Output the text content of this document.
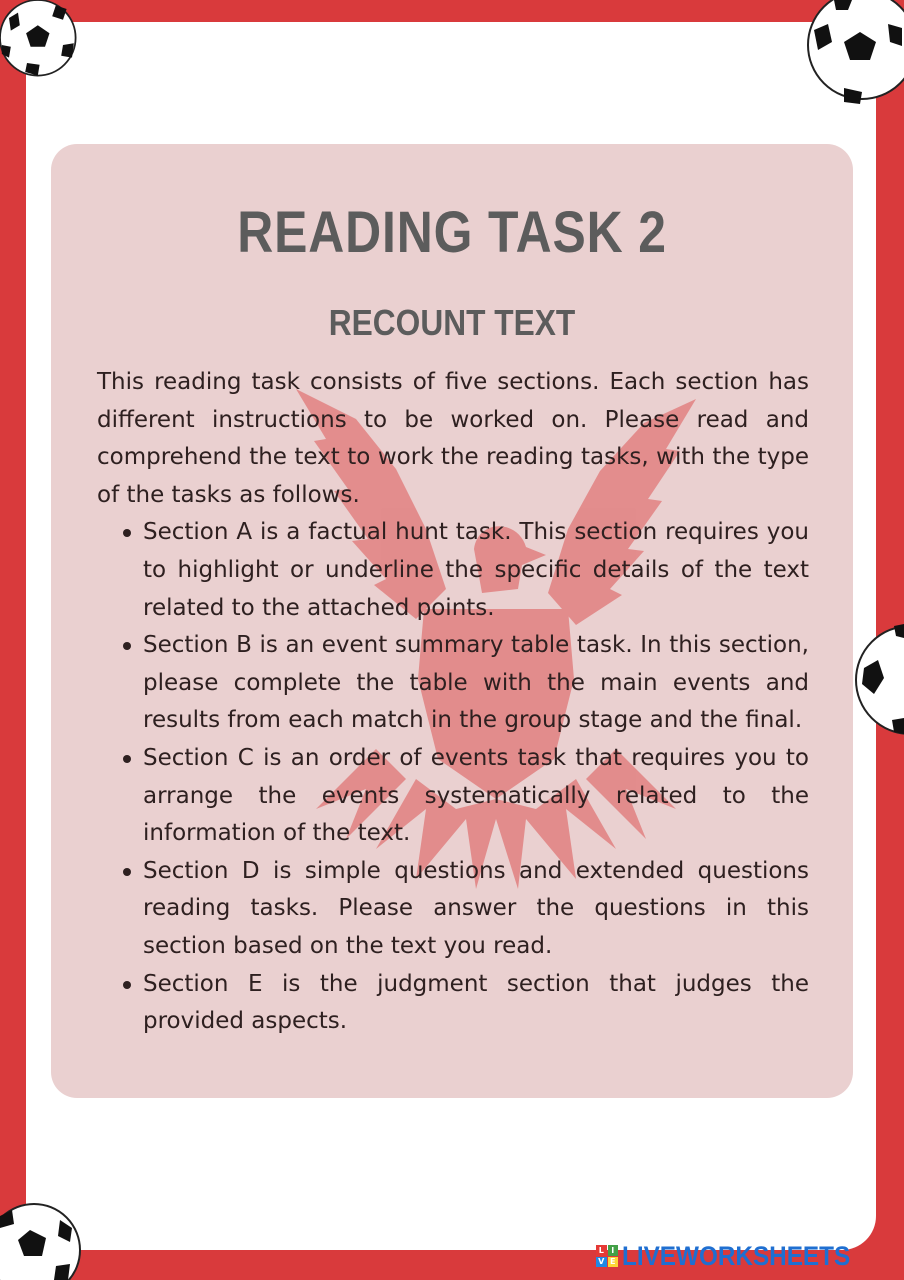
READING TASK 2
RECOUNT TEXT

This reading task consists of five sections. Each section has different instructions to be worked on. Please read and comprehend the text to work the reading tasks, with the type of the tasks as follows.

Section A is a factual hunt task. This section requires you to highlight or underline the specific details of the text related to the attached points.
Section B is an event summary table task. In this section, please complete the table with the main events and results from each match in the group stage and the final.
Section C is an order of events task that requires you to arrange the events systematically related to the information of the text.
Section D is simple questions and extended questions reading tasks. Please answer the questions in this section based on the text you read.
Section E is the judgment section that judges the provided aspects.
L I
V E LIVEWORKSHEETS
